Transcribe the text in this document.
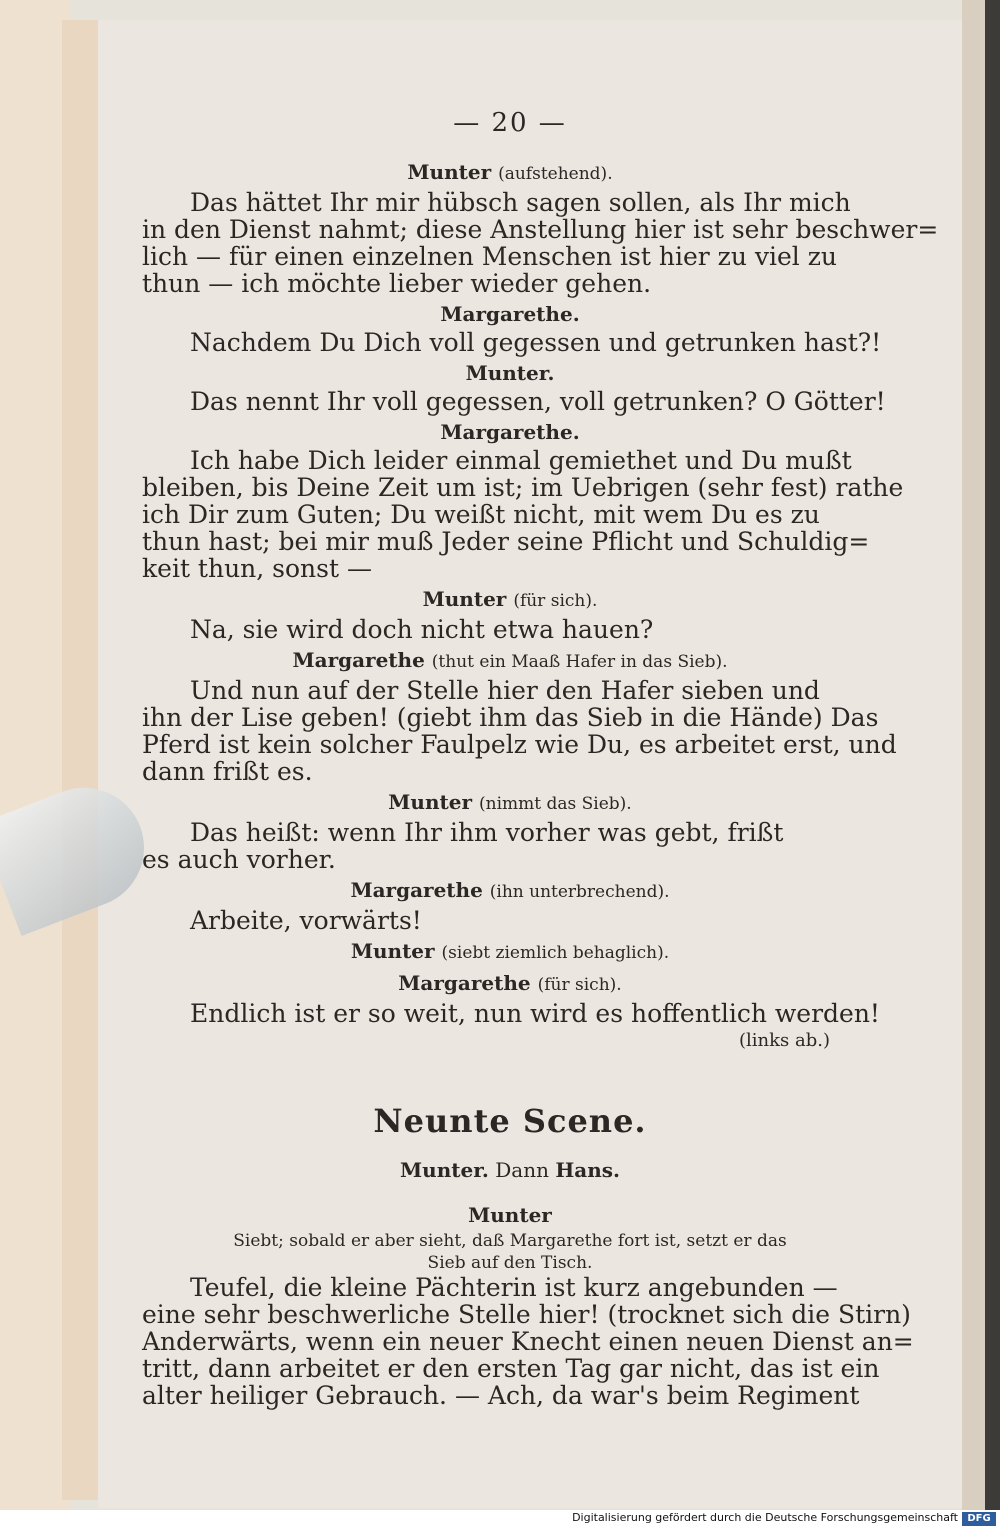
— 20 —
Munter (aufstehend).
Das hättet Ihr mir hübsch sagen sollen, als Ihr mich
in den Dienst nahmt; diese Anstellung hier ist sehr beschwer=
lich — für einen einzelnen Menschen ist hier zu viel zu
thun — ich möchte lieber wieder gehen.
Margarethe.
Nachdem Du Dich voll gegessen und getrunken hast?!
Munter.
Das nennt Ihr voll gegessen, voll getrunken? O Götter!
Margarethe.
Ich habe Dich leider einmal gemiethet und Du mußt
bleiben, bis Deine Zeit um ist; im Uebrigen (sehr fest) rathe
ich Dir zum Guten; Du weißt nicht, mit wem Du es zu
thun hast; bei mir muß Jeder seine Pflicht und Schuldig=
keit thun, sonst —
Munter (für sich).
Na, sie wird doch nicht etwa hauen?
Margarethe (thut ein Maaß Hafer in das Sieb).
Und nun auf der Stelle hier den Hafer sieben und
ihn der Lise geben! (giebt ihm das Sieb in die Hände) Das
Pferd ist kein solcher Faulpelz wie Du, es arbeitet erst, und
dann frißt es.
Munter (nimmt das Sieb).
Das heißt: wenn Ihr ihm vorher was gebt, frißt
es auch vorher.
Margarethe (ihn unterbrechend).
Arbeite, vorwärts!
Munter (siebt ziemlich behaglich).
Margarethe (für sich).
Endlich ist er so weit, nun wird es hoffentlich werden!
(links ab.)
Neunte Scene.
Munter. Dann Hans.
Munter
Siebt; sobald er aber sieht, daß Margarethe fort ist, setzt er das
Sieb auf den Tisch.
Teufel, die kleine Pächterin ist kurz angebunden —
eine sehr beschwerliche Stelle hier! (trocknet sich die Stirn)
Anderwärts, wenn ein neuer Knecht einen neuen Dienst an=
tritt, dann arbeitet er den ersten Tag gar nicht, das ist ein
alter heiliger Gebrauch. — Ach, da war's beim Regiment
Digitalisierung gefördert durch die Deutsche Forschungsgemeinschaft DFG
